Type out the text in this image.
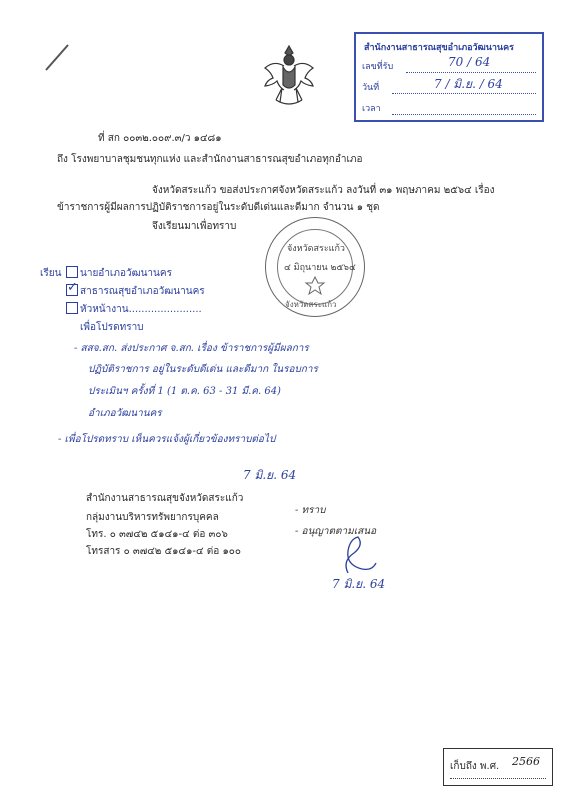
สำนักงานสาธารณสุขอำเภอวัฒนานคร
เลขที่รับ	70 / 64
วันที่	7 / มิ.ย. / 64
เวลา
ที่ สก ๐๐๓๒.๐๐๙.๓/ว ๑๔๘๑
ถึง โรงพยาบาลชุมชนทุกแห่ง และสำนักงานสาธารณสุขอำเภอทุกอำเภอ
จังหวัดสระแก้ว ขอส่งประกาศจังหวัดสระแก้ว ลงวันที่ ๓๑ พฤษภาคม ๒๕๖๔ เรื่อง
ข้าราชการผู้มีผลการปฏิบัติราชการอยู่ในระดับดีเด่นและดีมาก จำนวน ๑ ชุด
จึงเรียนมาเพื่อทราบ
จังหวัดสระแก้ว
๔ มิถุนายน ๒๕๖๔
จังหวัดสระแก้ว
เรียน นายอำเภอวัฒนานคร
✓ สาธารณสุขอำเภอวัฒนานคร
หัวหน้างาน.......................
เพื่อโปรดทราบ
- สสจ.สก. ส่งประกาศ จ.สก. เรื่อง ข้าราชการผู้มีผลการ
ปฏิบัติราชการ อยู่ในระดับดีเด่น และดีมาก ในรอบการ
ประเมินฯ ครั้งที่ 1 (1 ต.ค. 63 - 31 มี.ค. 64)
อำเภอวัฒนานคร
- เพื่อโปรดทราบ เห็นควรแจ้งผู้เกี่ยวข้องทราบต่อไป
7 มิ.ย. 64
สำนักงานสาธารณสุขจังหวัดสระแก้ว
กลุ่มงานบริหารทรัพยากรบุคคล
โทร. ๐ ๓๗๔๒ ๕๑๔๑-๔ ต่อ ๓๐๖
โทรสาร ๐ ๓๗๔๒ ๕๑๔๑-๔ ต่อ ๑๐๐
- ทราบ
- อนุญาตตามเสนอ
7 มิ.ย. 64
เก็บถึง พ.ศ. 2566
